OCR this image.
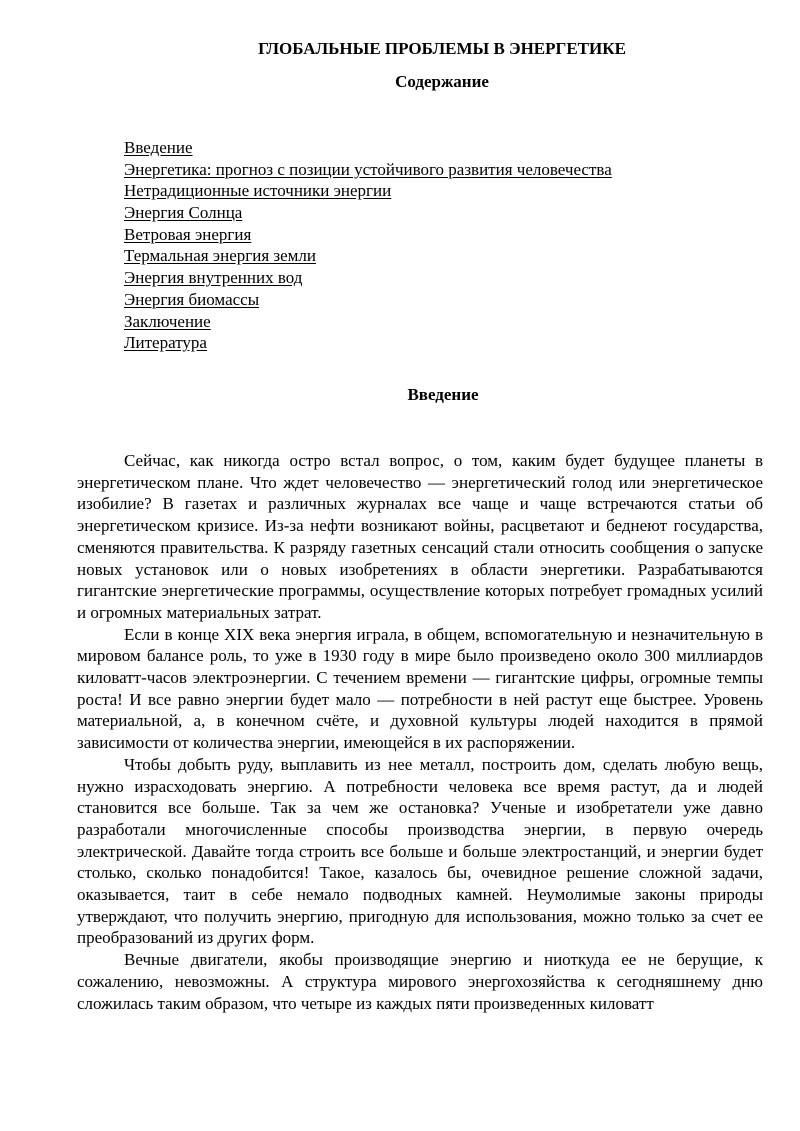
ГЛОБАЛЬНЫЕ ПРОБЛЕМЫ В ЭНЕРГЕТИКЕ
Содержание
Введение
Энергетика: прогноз с позиции устойчивого развития человечества
Нетрадиционные источники энергии
Энергия Солнца
Ветровая энергия
Термальная энергия земли
Энергия внутренних вод
Энергия биомассы
Заключение
Литература
Введение

Сейчас, как никогда остро встал вопрос, о том, каким будет будущее планеты в энергетическом плане. Что ждет человечество — энергетический голод или энергетическое изобилие? В газетах и различных журналах все чаще и чаще встречаются статьи об энергетическом кризисе. Из-за нефти возникают войны, расцветают и беднеют государства, сменяются правительства. К разряду газетных сенсаций стали относить сообщения о запуске новых установок или о новых изобретениях в области энергетики. Разрабатываются гигантские энергетические программы, осуществление которых потребует громадных усилий и огромных материальных затрат.

Если в конце XIX века энергия играла, в общем, вспомогательную и незначительную в мировом балансе роль, то уже в 1930 году в мире было произведено около 300 миллиардов киловатт-часов электроэнергии. С течением времени — гигантские цифры, огромные темпы роста! И все равно энергии будет мало — потребности в ней растут еще быстрее. Уровень материальной, а, в конечном счёте, и духовной культуры людей находится в прямой зависимости от количества энергии, имеющейся в их распоряжении.

Чтобы добыть руду, выплавить из нее металл, построить дом, сделать любую вещь, нужно израсходовать энергию. А потребности человека все время растут, да и людей становится все больше. Так за чем же остановка? Ученые и изобретатели уже давно разработали многочисленные способы производства энергии, в первую очередь электрической. Давайте тогда строить все больше и больше электростанций, и энергии будет столько, сколько понадобится! Такое, казалось бы, очевидное решение сложной задачи, оказывается, таит в себе немало подводных камней. Неумолимые законы природы утверждают, что получить энергию, пригодную для использования, можно только за счет ее преобразований из других форм.

Вечные двигатели, якобы производящие энергию и ниоткуда ее не берущие, к сожалению, невозможны. А структура мирового энергохозяйства к сегодняшнему дню сложилась таким образом, что четыре из каждых пяти произведенных киловатт
